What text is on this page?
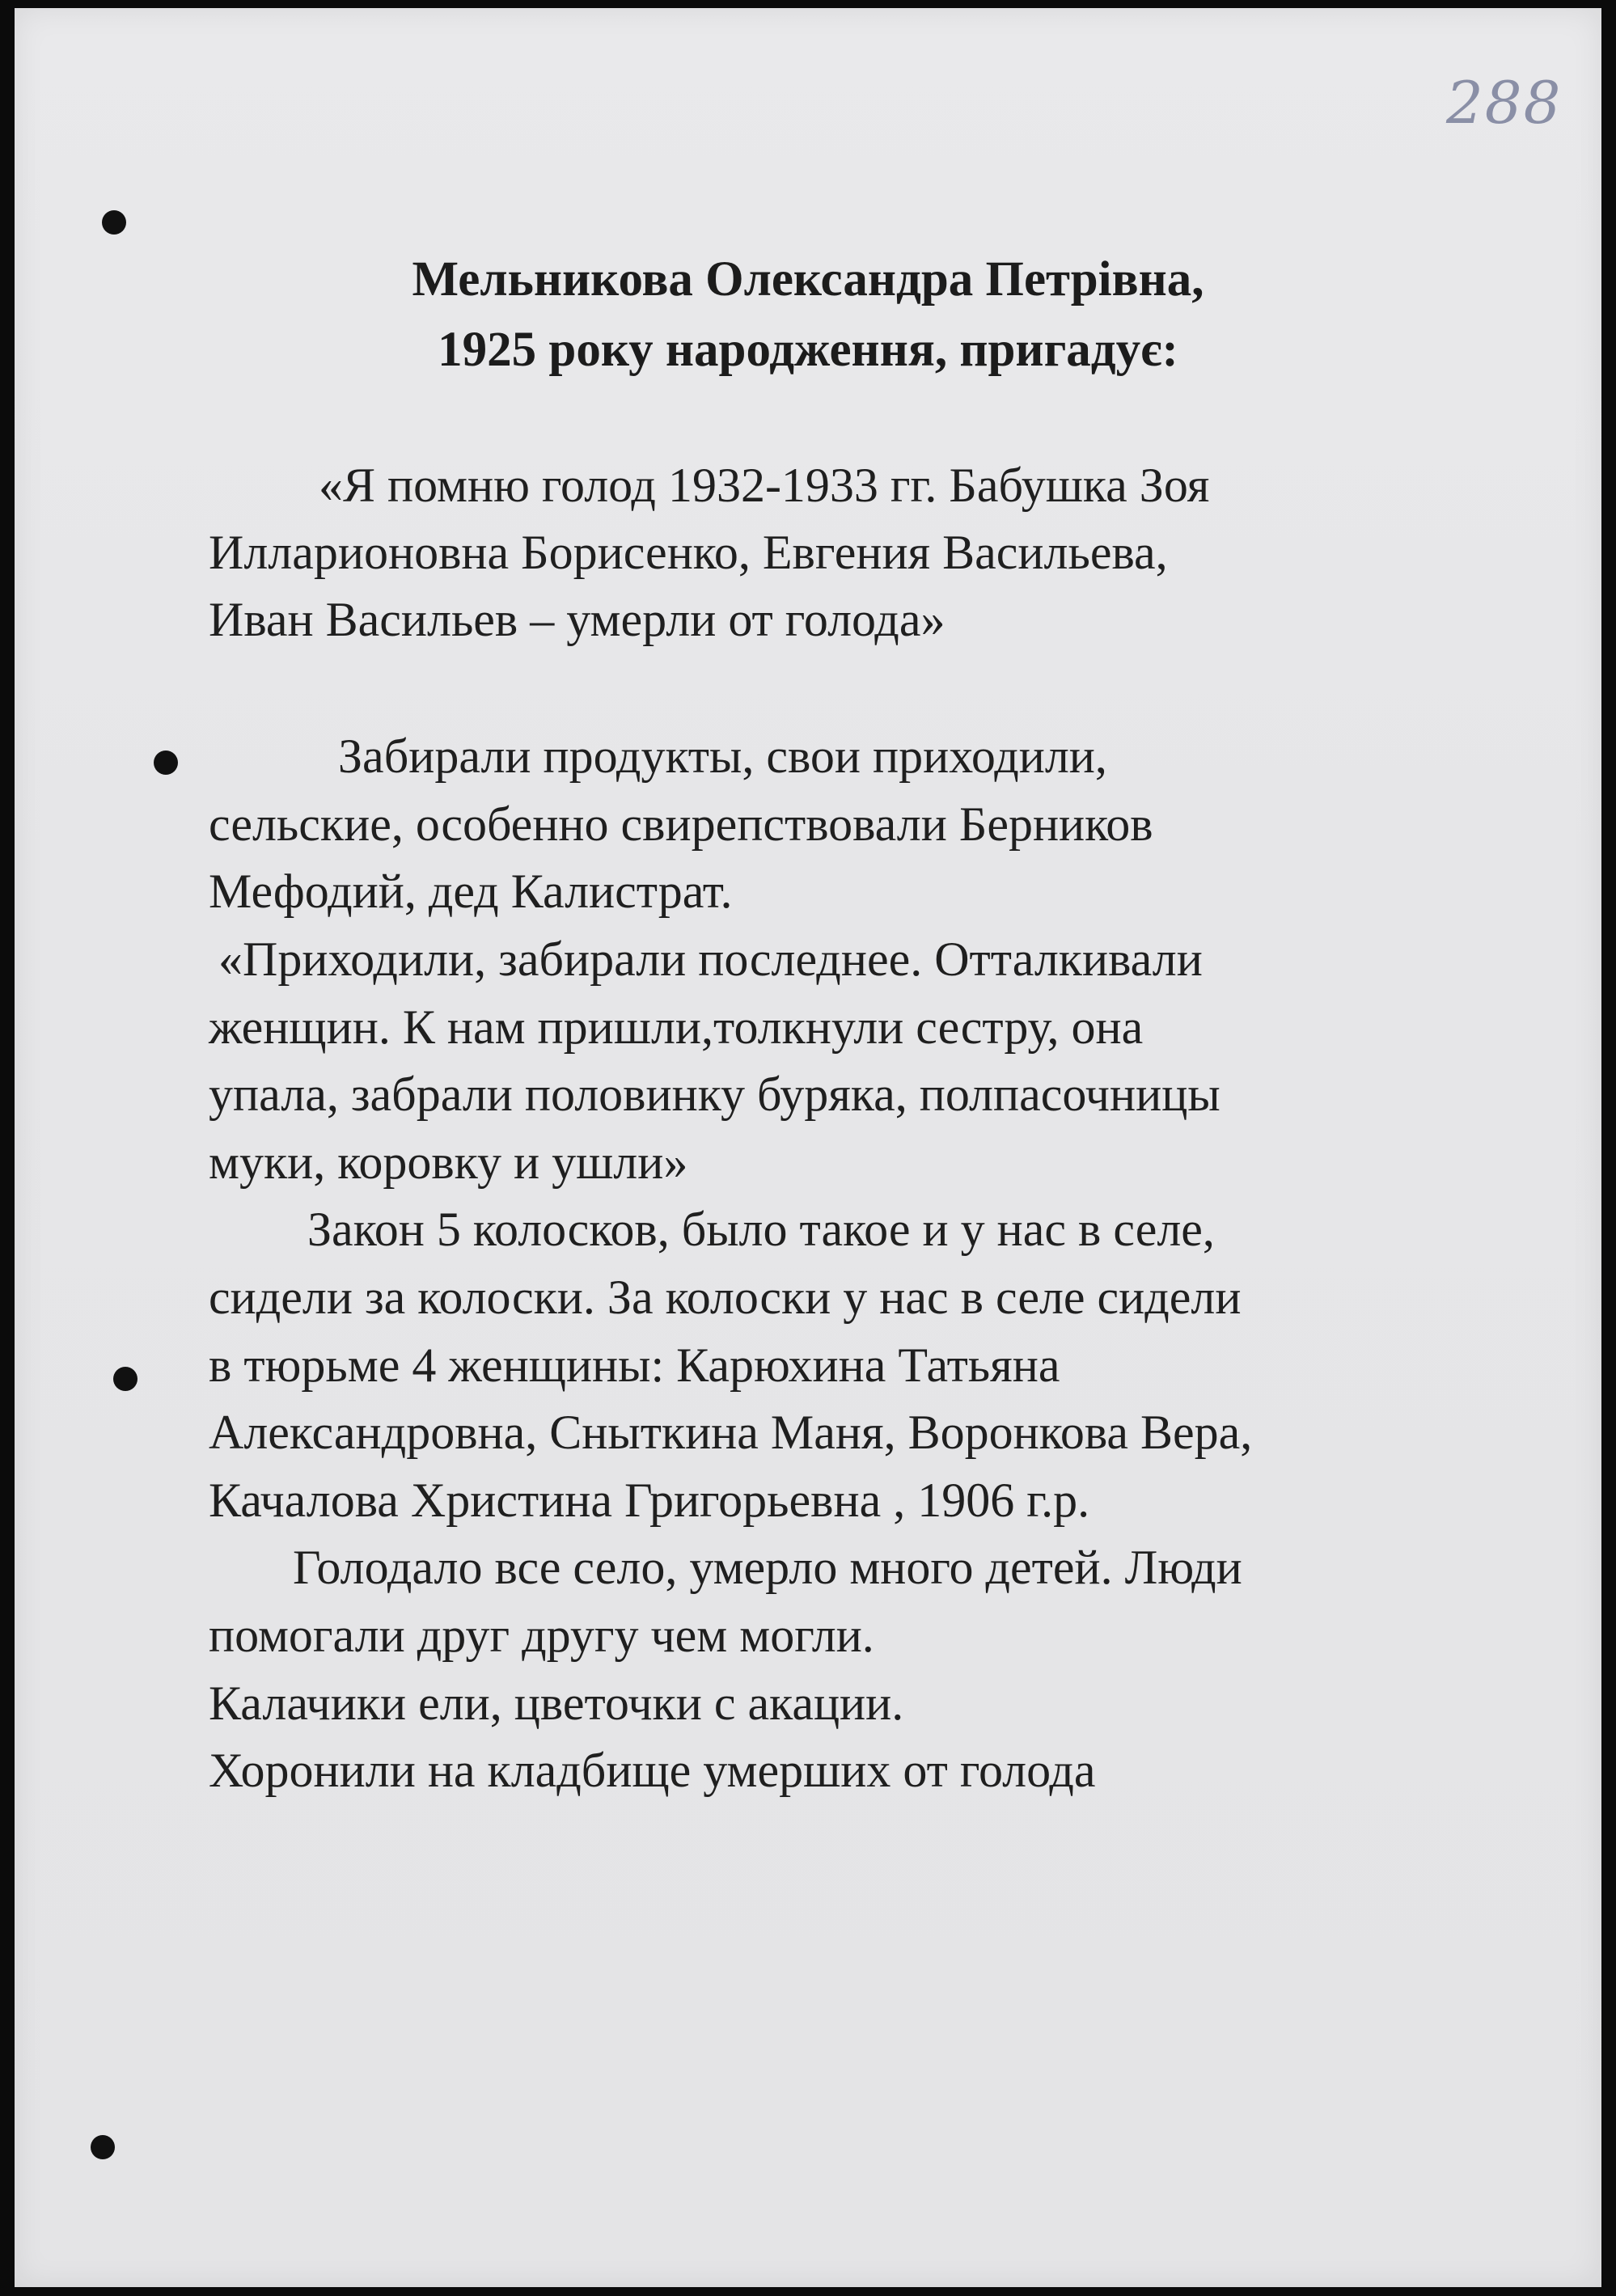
288
Мельникова Олександра Петрівна,
1925 року народження, пригадує:
«Я помню голод 1932-1933 гг. Бабушка Зоя
Илларионовна Борисенко, Евгения Васильева,
Иван Васильев – умерли от голода»
Забирали продукты, свои приходили,
сельские, особенно свирепствовали Берников
Мефодий, дед Калистрат.
«Приходили, забирали последнее. Отталкивали
женщин. К нам пришли,толкнули сестру, она
упала, забрали половинку буряка, полпасочницы
муки, коровку и ушли»
Закон 5 колосков, было такое и у нас в селе,
сидели за колоски. За колоски у нас в селе сидели
в тюрьме 4 женщины: Карюхина Татьяна
Александровна, Сныткина Маня, Воронкова Вера,
Качалова Христина Григорьевна , 1906 г.р.
Голодало все село, умерло много детей. Люди
помогали друг другу чем могли.
Калачики ели, цветочки с акации.
Хоронили на кладбище умерших от голода
